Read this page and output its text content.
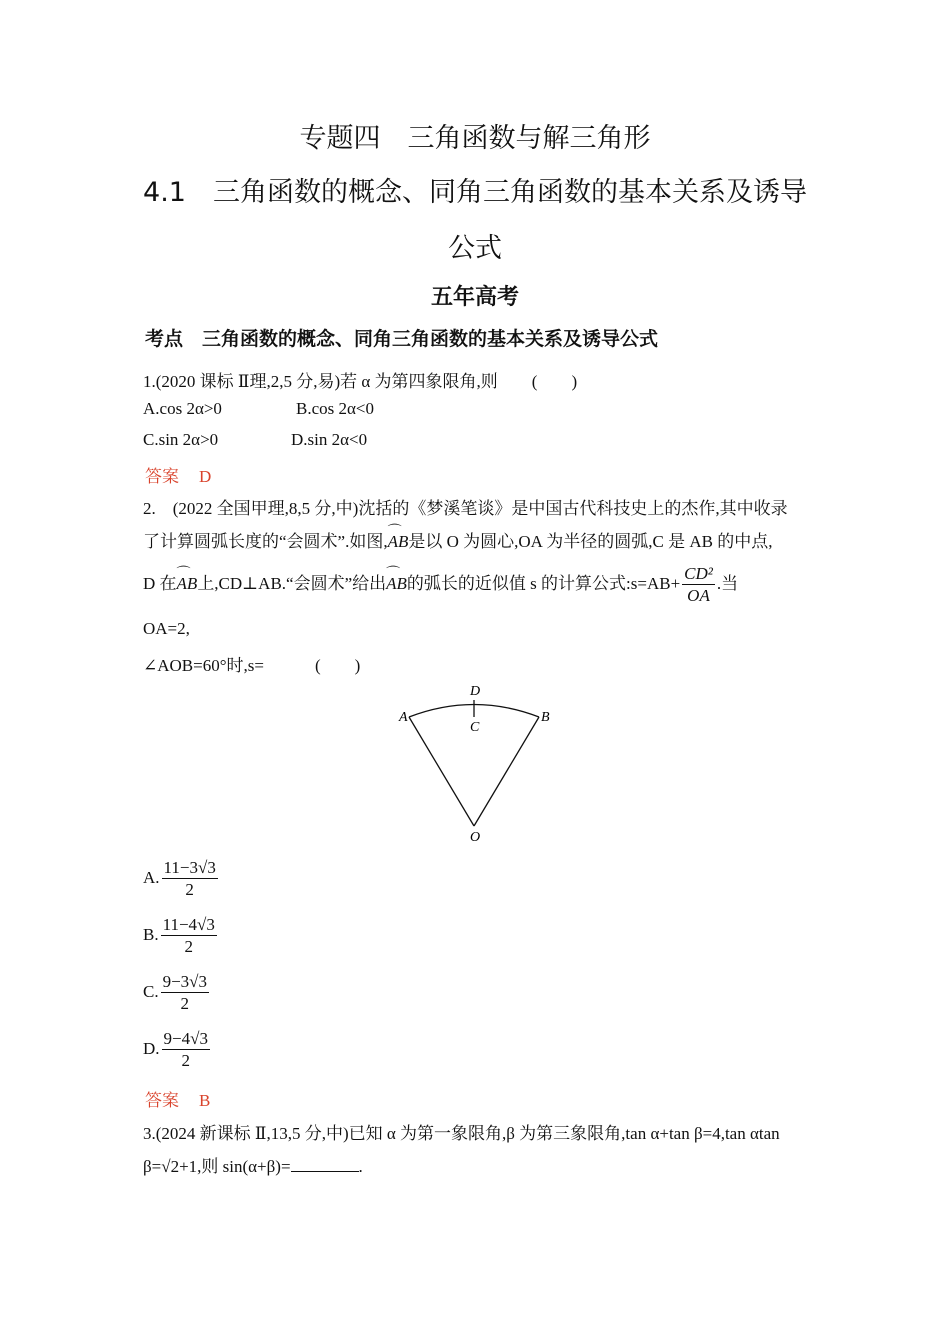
专题四　三角函数与解三角形
4.1　三角函数的概念、同角三角函数的基本关系及诱导
公式
五年高考
考点　三角函数的概念、同角三角函数的基本关系及诱导公式
1.(2020 课标 Ⅱ理,2,5 分,易)若 α 为第四象限角,则　　(　　)
A.cos 2α>0	B.cos 2α<0
C.sin 2α>0	D.sin 2α<0
答案 D
2.　(2022 全国甲理,8,5 分,中)沈括的《梦溪笔谈》是中国古代科技史上的杰作,其中收录
了计算圆弧长度的“会圆术”.如图,⌒ AB是以 O 为圆心,OA 为半径的圆弧,C 是 AB 的中点,
D 在⌒ AB上,CD⊥AB.“会圆术”给出⌒ AB的弧长的近似值 s 的计算公式:s=AB+ $\frac{\text{CD²}}{OA}$ .当
OA=2,
∠AOB=60°时,s=　　　(　　)
A	B
C
D
O
A. $\frac{11-3√3}{2}$
B. $\frac{11-4√3}{2}$
C. $\frac{9-3√3}{2}$
D. $\frac{9-4√3}{2}$
答案 B
3.(2024 新课标 Ⅱ,13,5 分,中)已知 α 为第一象限角,β 为第三象限角,tan α+tan β=4,tan αtan
β=√2+1,则 sin(α+β)=	.
